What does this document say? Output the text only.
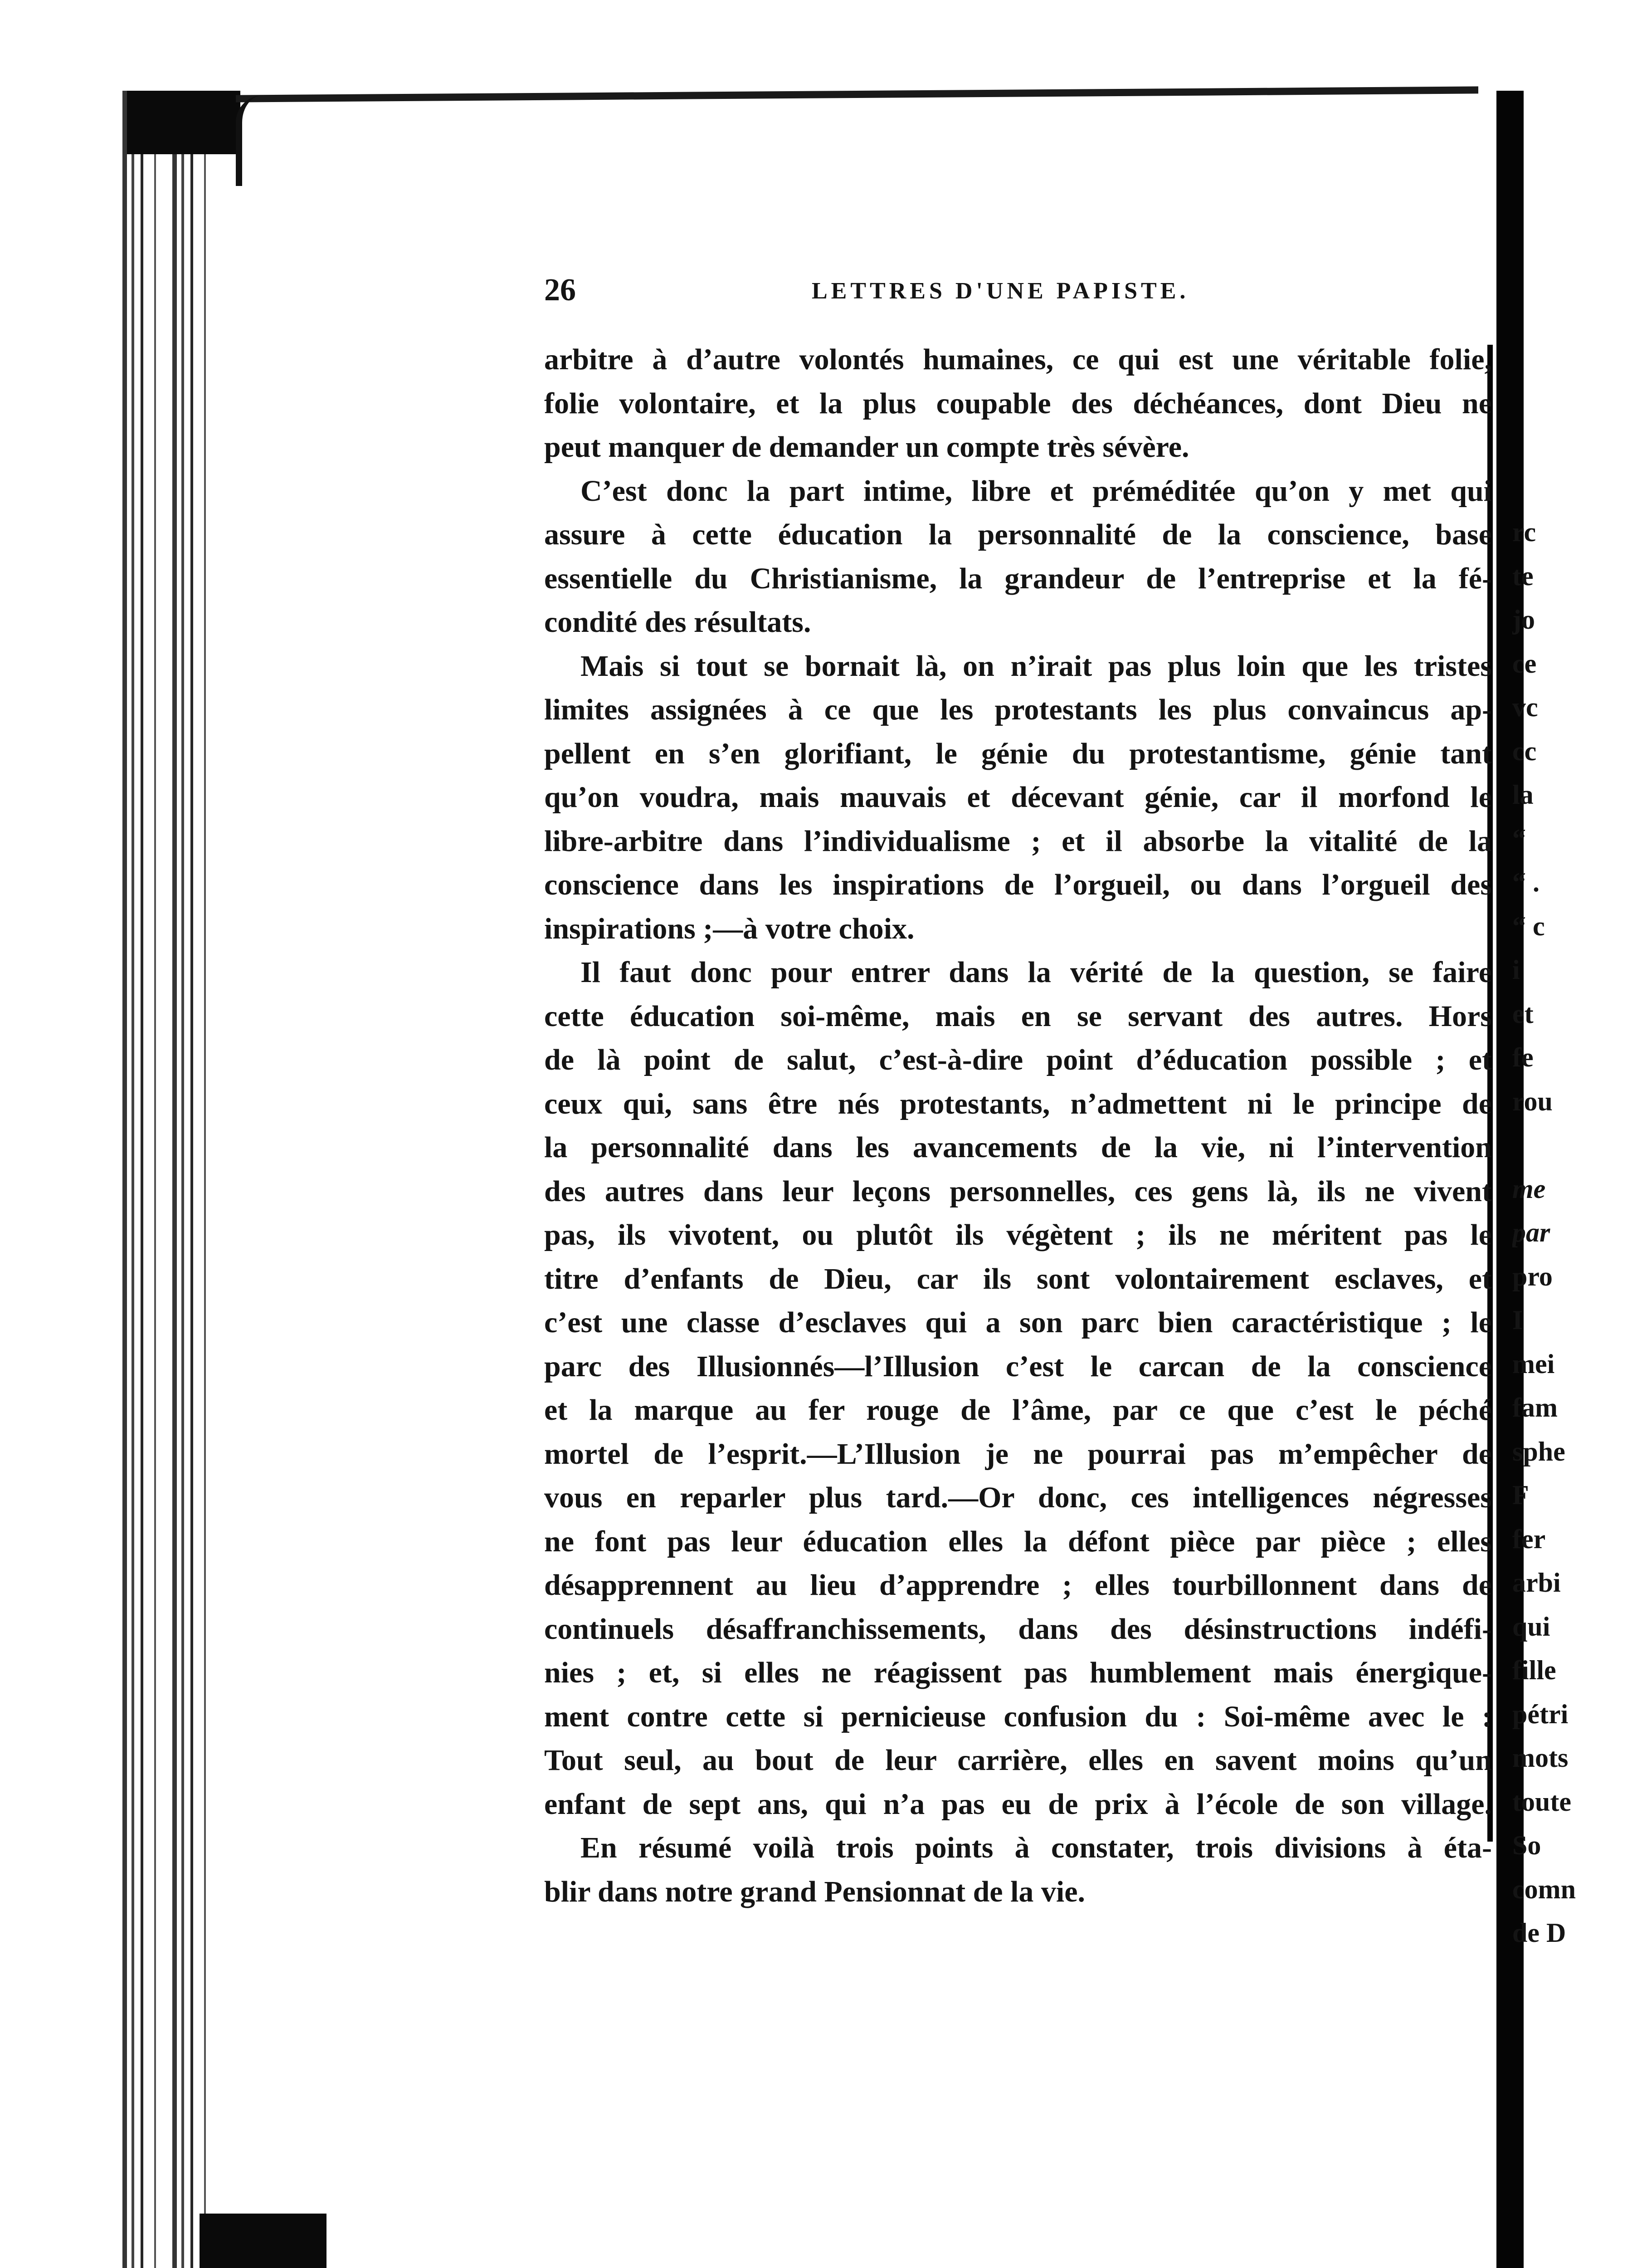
26	LETTRES D'UNE PAPISTE.
arbitre à d’autre volontés humaines, ce qui est une véritable folie,
folie volontaire, et la plus coupable des déchéances, dont Dieu ne
peut manquer de demander un compte très sévère.
C’est donc la part intime, libre et préméditée qu’on y met qui
assure à cette éducation la personnalité de la conscience, base
essentielle du Christianisme, la grandeur de l’entreprise et la fé-
condité des résultats.
Mais si tout se bornait là, on n’irait pas plus loin que les tristes
limites assignées à ce que les protestants les plus convaincus ap-
pellent en s’en glorifiant, le génie du protestantisme, génie tant
qu’on voudra, mais mauvais et décevant génie, car il morfond le
libre-arbitre dans l’individualisme ; et il absorbe la vitalité de la
conscience dans les inspirations de l’orgueil, ou dans l’orgueil des
inspirations ;—à votre choix.
Il faut donc pour entrer dans la vérité de la question, se faire
cette éducation soi-même, mais en se servant des autres. Hors
de là point de salut, c’est-à-dire point d’éducation possible ; et
ceux qui, sans être nés protestants, n’admettent ni le principe de
la personnalité dans les avancements de la vie, ni l’intervention
des autres dans leur leçons personnelles, ces gens là, ils ne vivent
pas, ils vivotent, ou plutôt ils végètent ; ils ne méritent pas le
titre d’enfants de Dieu, car ils sont volontairement esclaves, et
c’est une classe d’esclaves qui a son parc bien caractéristique ; le
parc des Illusionnés—l’Illusion c’est le carcan de la conscience
et la marque au fer rouge de l’âme, par ce que c’est le péché
mortel de l’esprit.—L’Illusion je ne pourrai pas m’empêcher de
vous en reparler plus tard.—Or donc, ces intelligences négresses
ne font pas leur éducation elles la défont pièce par pièce ; elles
désapprennent au lieu d’apprendre ; elles tourbillonnent dans de
continuels désaffranchissements, dans des désinstructions indéfi-
nies ; et, si elles ne réagissent pas humblement mais énergique-
ment contre cette si pernicieuse confusion du : Soi-même avec le :
Tout seul, au bout de leur carrière, elles en savent moins qu’un
enfant de sept ans, qui n’a pas eu de prix à l’école de son village.
En résumé voilà trois points à constater, trois divisions à éta-
blir dans notre grand Pensionnat de la vie.
rc
te
jo
ce
vc
cc
la
“
“ .
“ c
i
et
fe
rou
me
par
pro
I
mei
fam
sphe
F
fer
arbi
qui
fille
pétri
mots
toute
So
comn
de D
